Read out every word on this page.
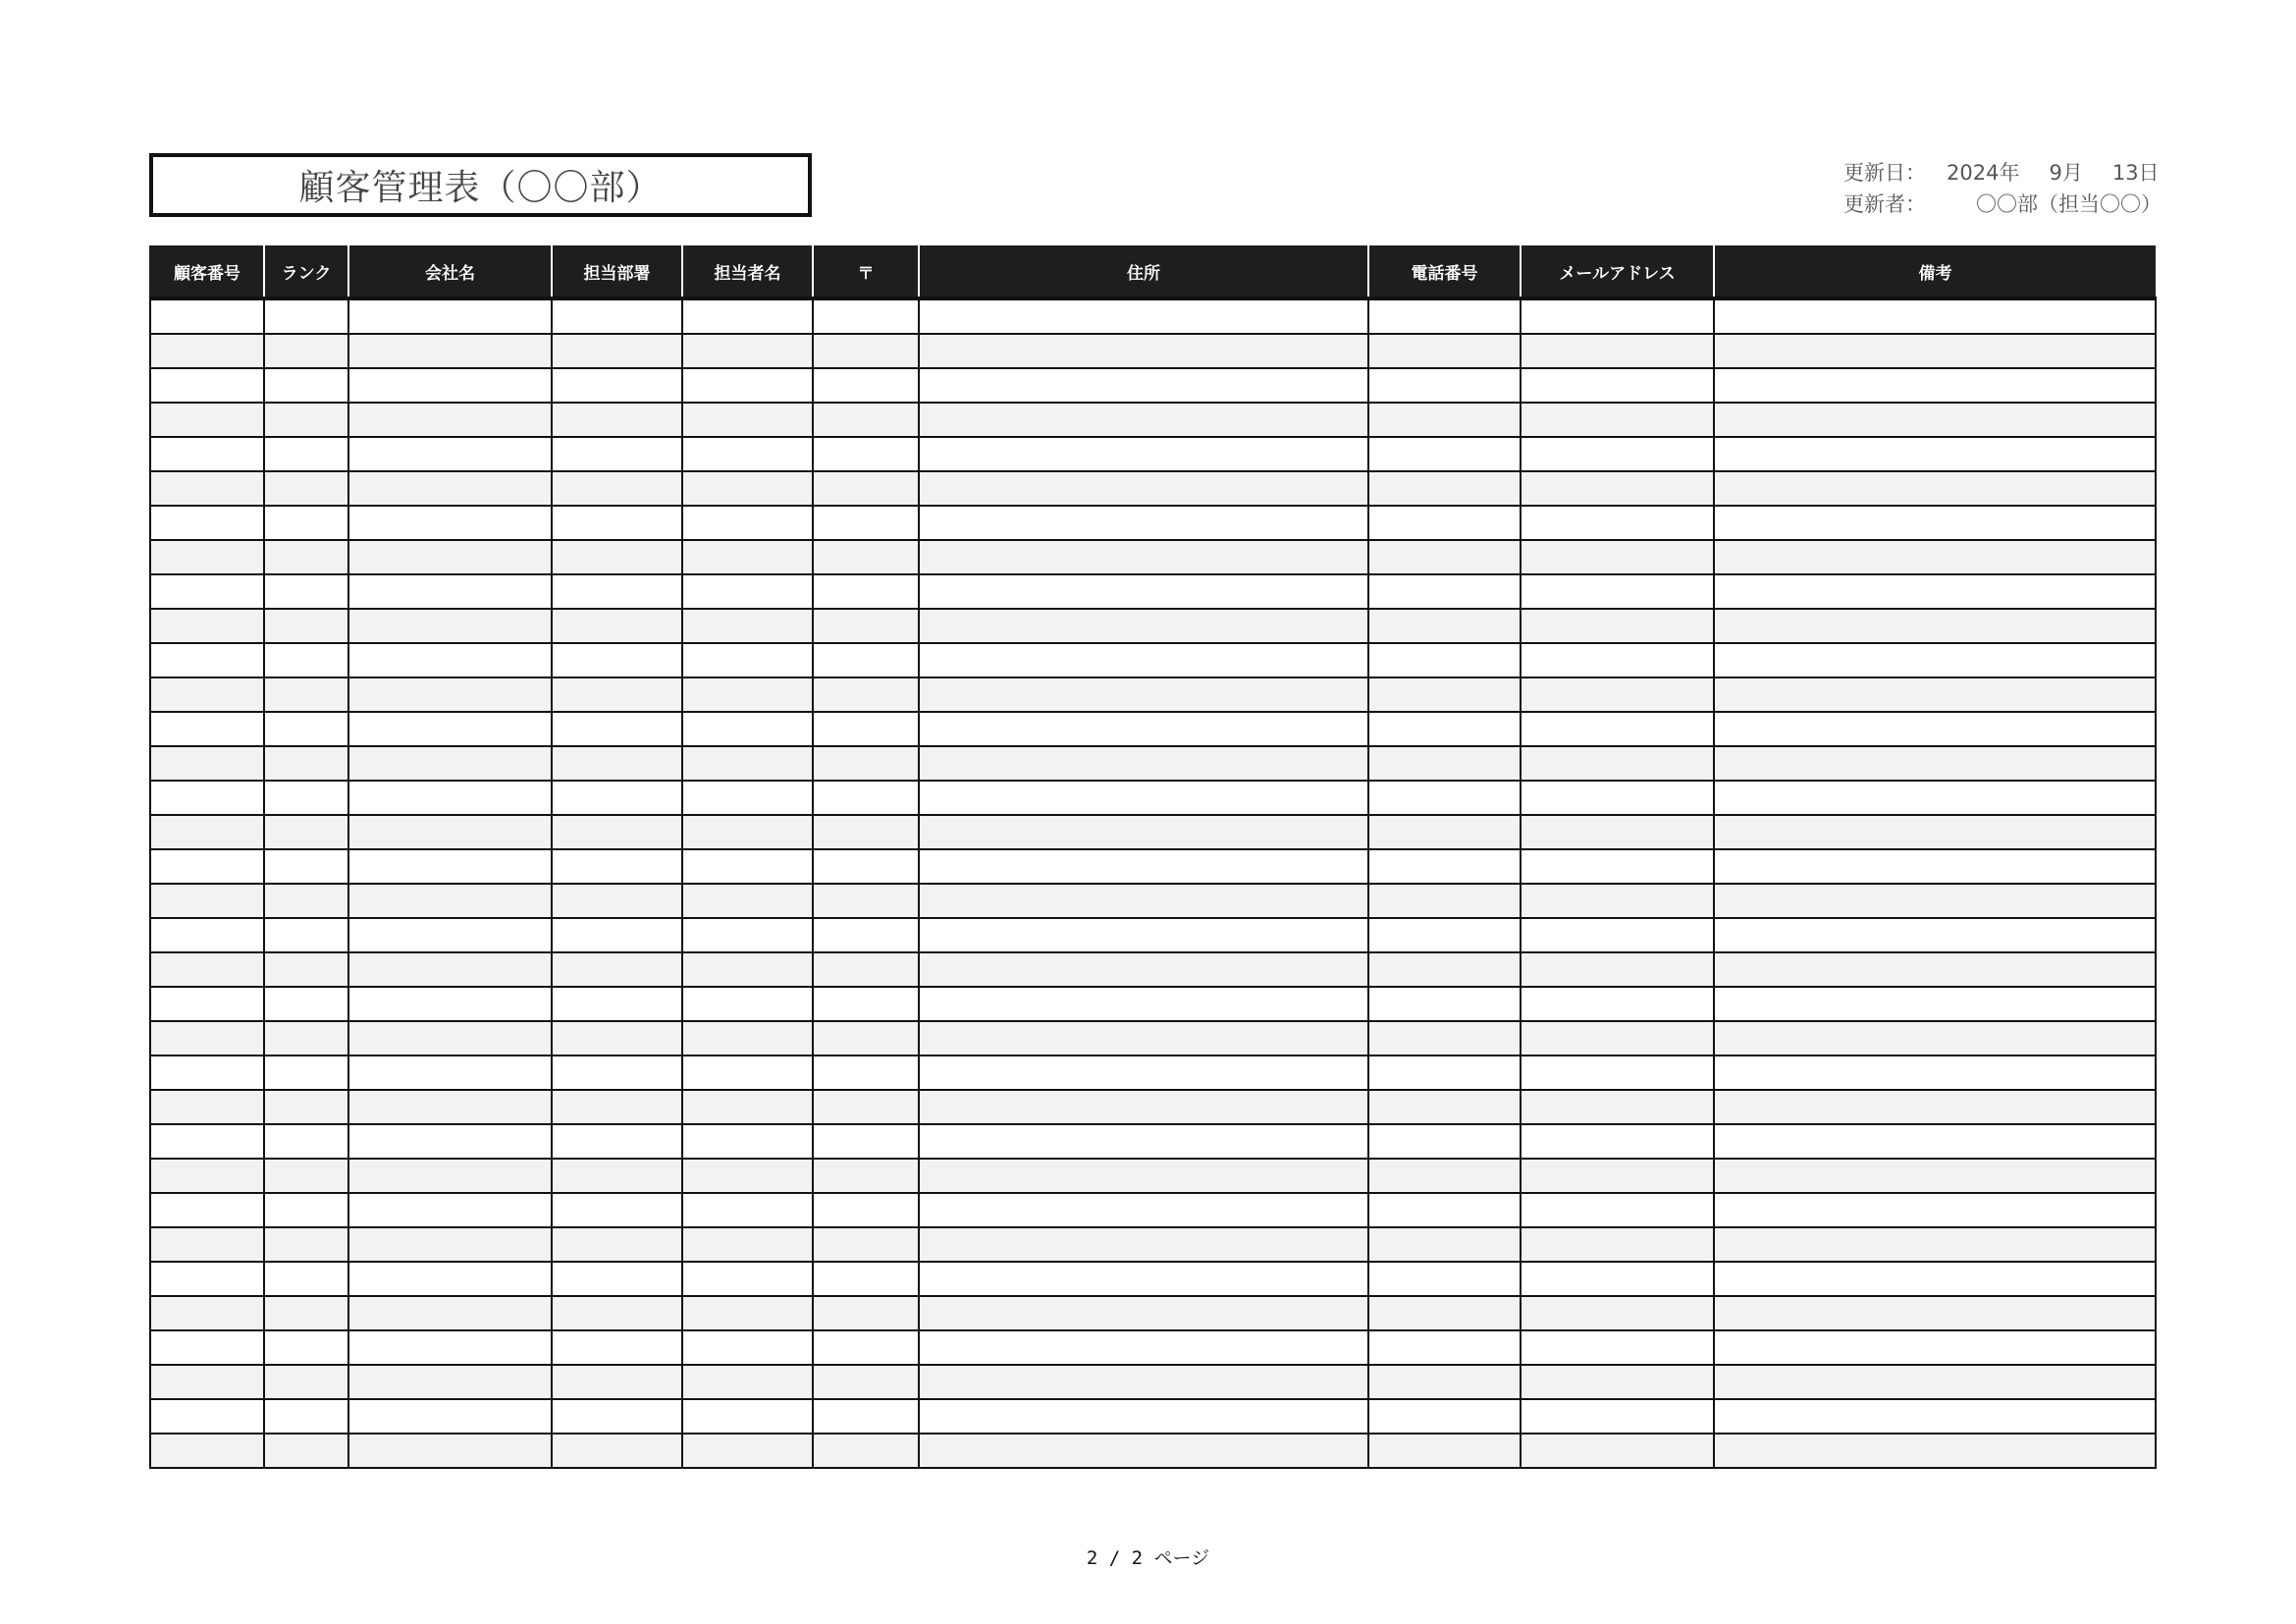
顧客管理表（〇〇部）	更新日：	2024年 9月 13日
更新者：	〇〇部（担当〇〇）
顧客番号	ランク	会社名	担当部署	担当者名	〒	住所	電話番号	メールアドレス	備考

2 / 2 ページ
